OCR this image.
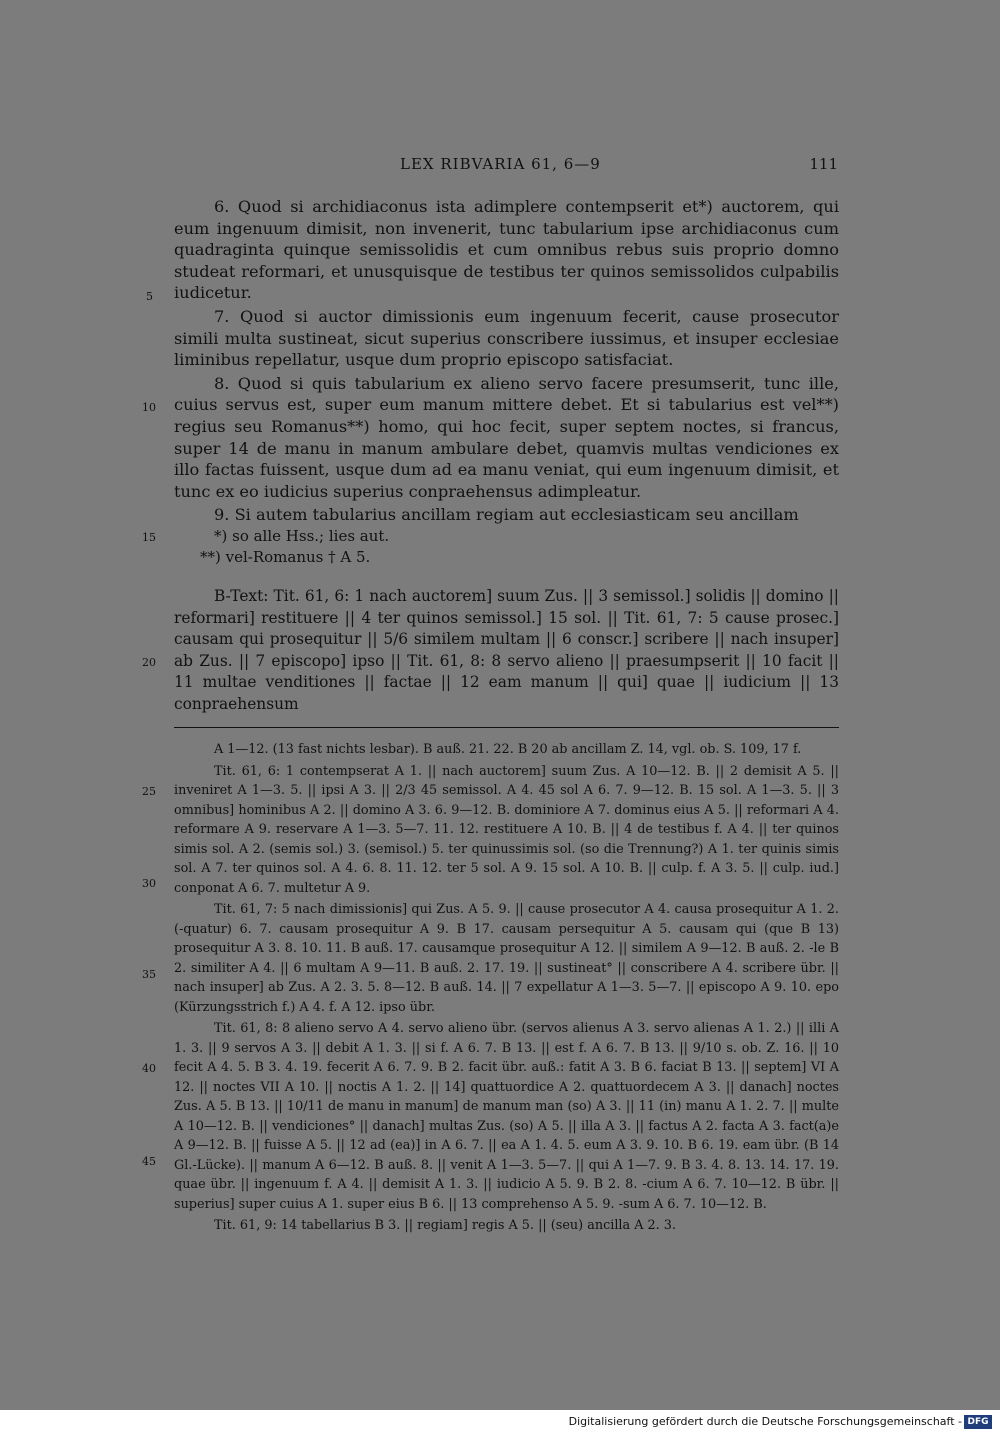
LEX RIBVARIA 61, 6—9	111

6. Quod si archidiaconus ista adimplere contempserit et*) auctorem, qui eum ingenuum dimisit, non invenerit, tunc tabularium ipse archidiaconus cum quadraginta quinque semissolidis et cum omnibus rebus suis proprio domno studeat reformari, et unusquisque de testibus ter quinos semissolidos culpabilis iudicetur.

7. Quod si auctor dimissionis eum ingenuum fecerit, cause prosecutor simili multa sustineat, sicut superius conscribere iussimus, et insuper ecclesiae liminibus repellatur, usque dum proprio episcopo satisfaciat.

8. Quod si quis tabularium ex alieno servo facere presumserit, tunc ille, cuius servus est, super eum manum mittere debet. Et si tabularius est vel**) regius seu Romanus**) homo, qui hoc fecit, super septem noctes, si francus, super 14 de manu in manum ambulare debet, quamvis multas vendiciones ex illo factas fuissent, usque dum ad ea manu veniat, qui eum ingenuum dimisit, et tunc ex eo iudicius superius conpraehensus adimpleatur.

9. Si autem tabularius ancillam regiam aut ecclesiasticam seu ancillam

5
10
15
20
25
30
35
40
45
*) so alle Hss.; lies aut.
**) vel-Romanus † A 5.

B-Text: Tit. 61, 6: 1 nach auctorem] suum Zus. || 3 semissol.] solidis || domino || reformari] restituere || 4 ter quinos semissol.] 15 sol. || Tit. 61, 7: 5 cause prosec.] causam qui prosequitur || 5/6 similem multam || 6 conscr.] scribere || nach insuper] ab Zus. || 7 episcopo] ipso || Tit. 61, 8: 8 servo alieno || praesumpserit || 10 facit || 11 multae venditiones || factae || 12 eam manum || qui] quae || iudicium || 13 conpraehensum

A 1—12. (13 fast nichts lesbar). B auß. 21. 22. B 20 ab ancillam Z. 14, vgl. ob. S. 109, 17 f.

Tit. 61, 6: 1 contempserat A 1. || nach auctorem] suum Zus. A 10—12. B. || 2 demisit A 5. || inveniret A 1—3. 5. || ipsi A 3. || 2/3 45 semissol. A 4. 45 sol A 6. 7. 9—12. B. 15 sol. A 1—3. 5. || 3 omnibus] hominibus A 2. || domino A 3. 6. 9—12. B. dominiore A 7. dominus eius A 5. || reformari A 4. reformare A 9. reservare A 1—3. 5—7. 11. 12. restituere A 10. B. || 4 de testibus f. A 4. || ter quinos simis sol. A 2. (semis sol.) 3. (semisol.) 5. ter quinussimis sol. (so die Trennung?) A 1. ter quinis simis sol. A 7. ter quinos sol. A 4. 6. 8. 11. 12. ter 5 sol. A 9. 15 sol. A 10. B. || culp. f. A 3. 5. || culp. iud.] conponat A 6. 7. multetur A 9.

Tit. 61, 7: 5 nach dimissionis] qui Zus. A 5. 9. || cause prosecutor A 4. causa prosequitur A 1. 2. (-quatur) 6. 7. causam prosequitur A 9. B 17. causam persequitur A 5. causam qui (que B 13) prosequitur A 3. 8. 10. 11. B auß. 17. causamque prosequitur A 12. || similem A 9—12. B auß. 2. -le B 2. similiter A 4. || 6 multam A 9—11. B auß. 2. 17. 19. || sustineat° || conscribere A 4. scribere übr. || nach insuper] ab Zus. A 2. 3. 5. 8—12. B auß. 14. || 7 expellatur A 1—3. 5—7. || episcopo A 9. 10. epo (Kürzungsstrich f.) A 4. f. A 12. ipso übr.

Tit. 61, 8: 8 alieno servo A 4. servo alieno übr. (servos alienus A 3. servo alienas A 1. 2.) || illi A 1. 3. || 9 servos A 3. || debit A 1. 3. || si f. A 6. 7. B 13. || est f. A 6. 7. B 13. || 9/10 s. ob. Z. 16. || 10 fecit A 4. 5. B 3. 4. 19. fecerit A 6. 7. 9. B 2. facit übr. auß.: fatit A 3. B 6. faciat B 13. || septem] VI A 12. || noctes VII A 10. || noctis A 1. 2. || 14] quattuordice A 2. quattuordecem A 3. || danach] noctes Zus. A 5. B 13. || 10/11 de manu in manum] de manum man (so) A 3. || 11 (in) manu A 1. 2. 7. || multe A 10—12. B. || vendiciones° || danach] multas Zus. (so) A 5. || illa A 3. || factus A 2. facta A 3. fact(a)e A 9—12. B. || fuisse A 5. || 12 ad (ea)] in A 6. 7. || ea A 1. 4. 5. eum A 3. 9. 10. B 6. 19. eam übr. (B 14 Gl.-Lücke). || manum A 6—12. B auß. 8. || venit A 1—3. 5—7. || qui A 1—7. 9. B 3. 4. 8. 13. 14. 17. 19. quae übr. || ingenuum f. A 4. || demisit A 1. 3. || iudicio A 5. 9. B 2. 8. -cium A 6. 7. 10—12. B übr. || superius] super cuius A 1. super eius B 6. || 13 comprehenso A 5. 9. -sum A 6. 7. 10—12. B.

Tit. 61, 9: 14 tabellarius B 3. || regiam] regis A 5. || (seu) ancilla A 2. 3.

Digitalisierung gefördert durch die Deutsche Forschungsgemeinschaft - DFG
